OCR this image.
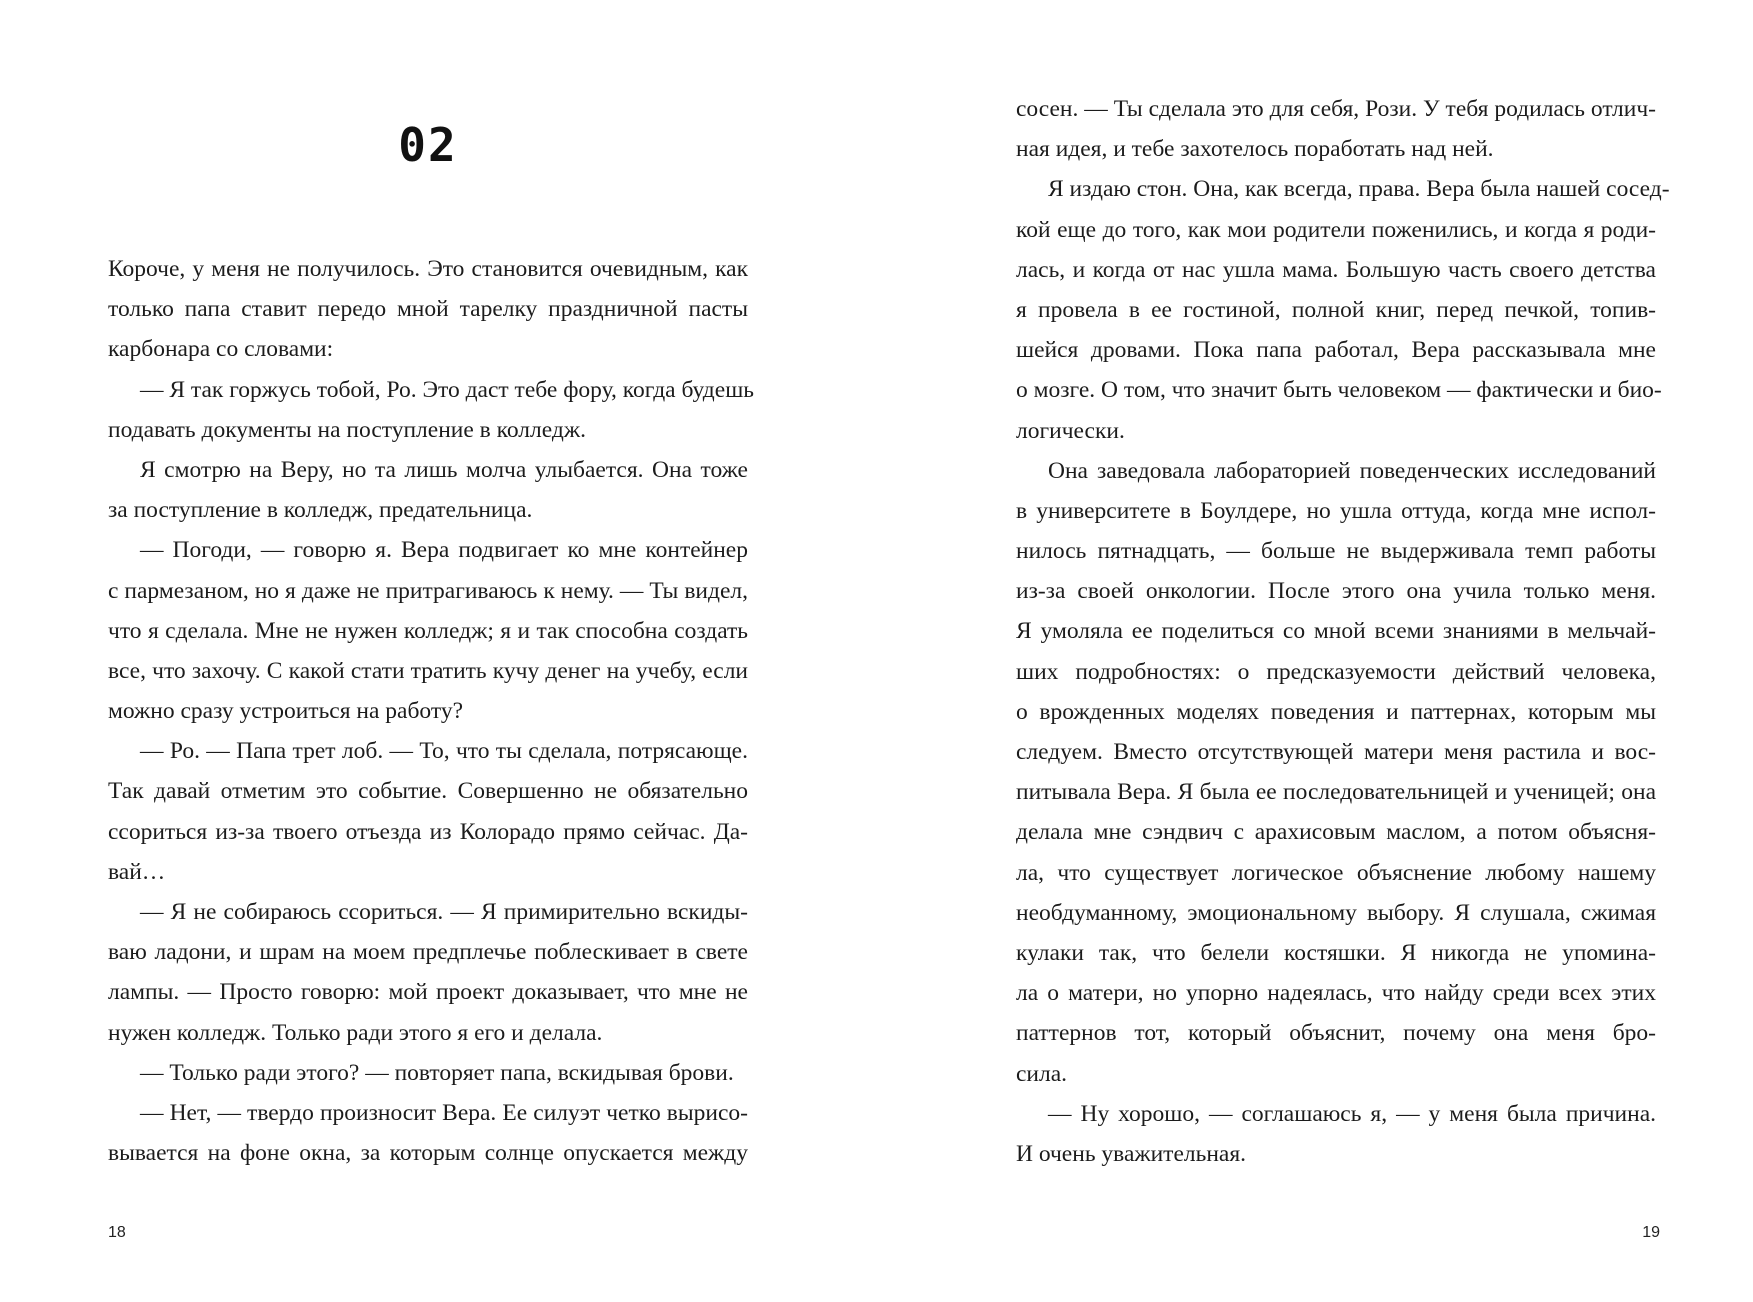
02
Короче, у меня не получилось. Это становится очевидным, как
только папа ставит передо мной тарелку праздничной пасты
карбонара со словами:
— Я так горжусь тобой, Ро. Это даст тебе фору, когда будешь
подавать документы на поступление в колледж.
Я смотрю на Веру, но та лишь молча улыбается. Она тоже
за поступление в колледж, предательница.
— Погоди, — говорю я. Вера подвигает ко мне контейнер
с пармезаном, но я даже не притрагиваюсь к нему. — Ты видел,
что я сделала. Мне не нужен колледж; я и так способна создать
все, что захочу. С какой стати тратить кучу денег на учебу, если
можно сразу устроиться на работу?
— Ро. — Папа трет лоб. — То, что ты сделала, потрясающе.
Так давай отметим это событие. Совершенно не обязательно
ссориться из-за твоего отъезда из Колорадо прямо сейчас. Да-
вай…
— Я не собираюсь ссориться. — Я примирительно вскиды-
ваю ладони, и шрам на моем предплечье поблескивает в свете
лампы. — Просто говорю: мой проект доказывает, что мне не
нужен колледж. Только ради этого я его и делала.
— Только ради этого? — повторяет папа, вскидывая брови.
— Нет, — твердо произносит Вера. Ее силуэт четко вырисо-
вывается на фоне окна, за которым солнце опускается между
18
сосен. — Ты сделала это для себя, Рози. У тебя родилась отлич-
ная идея, и тебе захотелось поработать над ней.
Я издаю стон. Она, как всегда, права. Вера была нашей сосед-
кой еще до того, как мои родители поженились, и когда я роди-
лась, и когда от нас ушла мама. Большую часть своего детства
я провела в ее гостиной, полной книг, перед печкой, топив-
шейся дровами. Пока папа работал, Вера рассказывала мне
о мозге. О том, что значит быть человеком — фактически и био-
логически.
Она заведовала лабораторией поведенческих исследований
в университете в Боулдере, но ушла оттуда, когда мне испол-
нилось пятнадцать, — больше не выдерживала темп работы
из-за своей онкологии. После этого она учила только меня.
Я умоляла ее поделиться со мной всеми знаниями в мельчай-
ших подробностях: о предсказуемости действий человека,
о врожденных моделях поведения и паттернах, которым мы
следуем. Вместо отсутствующей матери меня растила и вос-
питывала Вера. Я была ее последовательницей и ученицей; она
делала мне сэндвич с арахисовым маслом, а потом объясня-
ла, что существует логическое объяснение любому нашему
необдуманному, эмоциональному выбору. Я слушала, сжимая
кулаки так, что белели костяшки. Я никогда не упомина-
ла о матери, но упорно надеялась, что найду среди всех этих
паттернов тот, который объяснит, почему она меня бро-
сила.
— Ну хорошо, — соглашаюсь я, — у меня была причина.
И очень уважительная.
19
